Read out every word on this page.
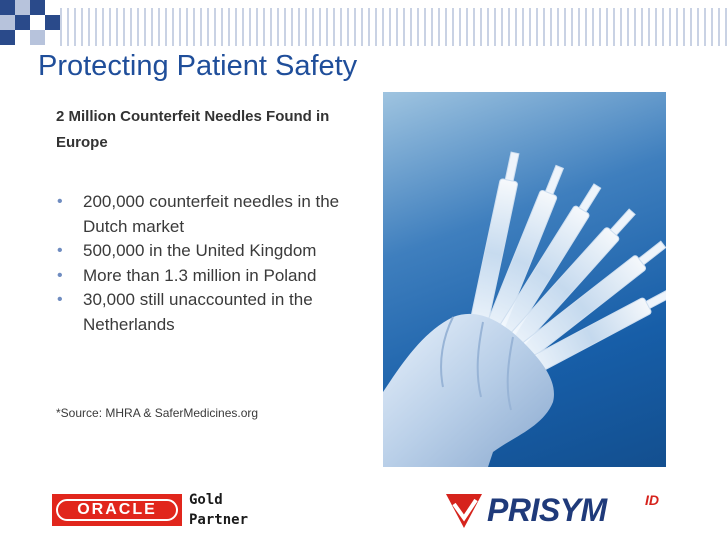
Protecting Patient Safety
2 Million Counterfeit Needles Found in Europe
• 200,000 counterfeit needles in the Dutch market
• 500,000 in the United Kingdom
• More than 1.3 million in Poland
• 30,000 still unaccounted in the Netherlands
*Source: MHRA & SaferMedicines.org
ORACLE
Gold
Partner	PRISYM	ID
